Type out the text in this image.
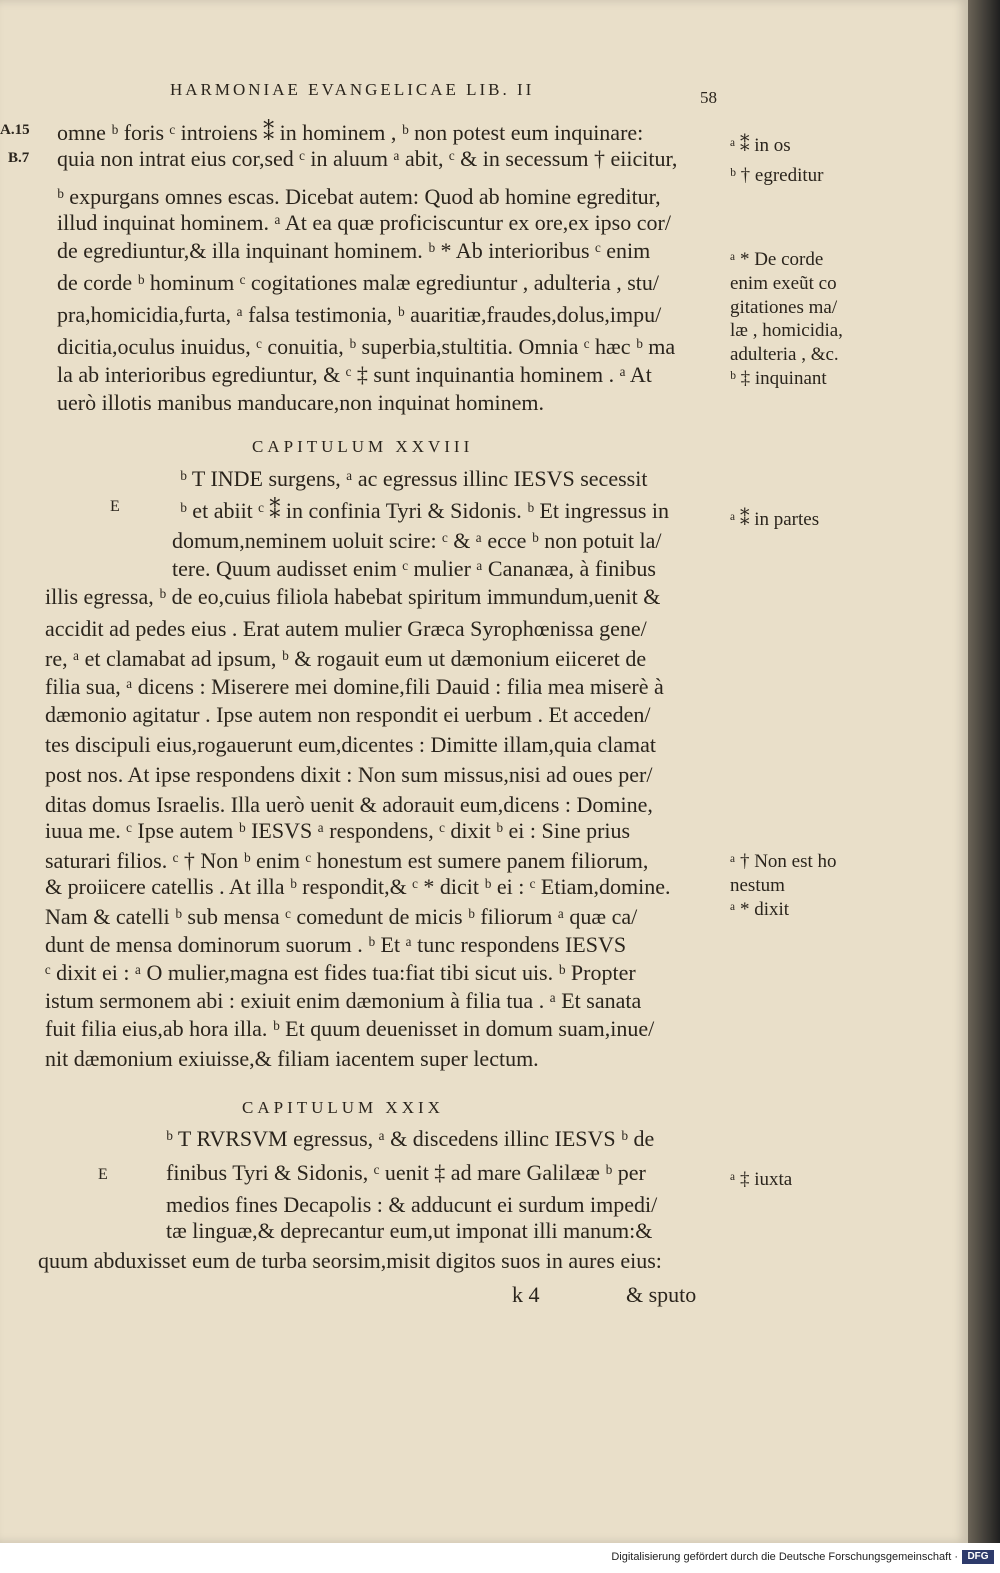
HARMONIAE EVANGELICAE LIB. II	58
A.15
B.7
omne ᵇ foris ᶜ introiens ⁑ in hominem , ᵇ non potest eum inquinare:
quia non intrat eius cor,sed ᶜ in aluum ᵃ abit, ᶜ & in secessum † eiicitur,
ᵇ expurgans omnes escas. Dicebat autem: Quod ab homine egreditur,
illud inquinat hominem. ᵃ At ea quæ proficiscuntur ex ore,ex ipso cor/
de egrediuntur,& illa inquinant hominem. ᵇ * Ab interioribus ᶜ enim
de corde ᵇ hominum ᶜ cogitationes malæ egrediuntur , adulteria , stu/
pra,homicidia,furta, ᵃ falsa testimonia, ᵇ auaritiæ,fraudes,dolus,impu/
dicitia,oculus inuidus, ᶜ conuitia, ᵇ superbia,stultitia. Omnia ᶜ hæc ᵇ ma
la ab interioribus egrediuntur, & ᶜ ‡ sunt inquinantia hominem . ᵃ At
uerò illotis manibus manducare,non inquinat hominem.
CAPITULUM XXVIII
E
ᵇ T INDE surgens, ᵃ ac egressus illinc IESVS secessit
ᵇ et abiit ᶜ ⁑ in confinia Tyri & Sidonis. ᵇ Et ingressus in
domum,neminem uoluit scire: ᶜ & ᵃ ecce ᵇ non potuit la/
tere. Quum audisset enim ᶜ mulier ᵃ Cananæa, à finibus
illis egressa, ᵇ de eo,cuius filiola habebat spiritum immundum,uenit &
accidit ad pedes eius . Erat autem mulier Græca Syrophœnissa gene/
re, ᵃ et clamabat ad ipsum, ᵇ & rogauit eum ut dæmonium eiiceret de
filia sua, ᵃ dicens : Miserere mei domine,fili Dauid : filia mea miserè à
dæmonio agitatur . Ipse autem non respondit ei uerbum . Et acceden/
tes discipuli eius,rogauerunt eum,dicentes : Dimitte illam,quia clamat
post nos. At ipse respondens dixit : Non sum missus,nisi ad oues per/
ditas domus Israelis. Illa uerò uenit & adorauit eum,dicens : Domine,
iuua me. ᶜ Ipse autem ᵇ IESVS ᵃ respondens, ᶜ dixit ᵇ ei : Sine prius
saturari filios. ᶜ † Non ᵇ enim ᶜ honestum est sumere panem filiorum,
& proiicere catellis . At illa ᵇ respondit,& ᶜ * dicit ᵇ ei : ᶜ Etiam,domine.
Nam & catelli ᵇ sub mensa ᶜ comedunt de micis ᵇ filiorum ᵃ quæ ca/
dunt de mensa dominorum suorum . ᵇ Et ᵃ tunc respondens IESVS
ᶜ dixit ei : ᵃ O mulier,magna est fides tua:fiat tibi sicut uis. ᵇ Propter
istum sermonem abi : exiuit enim dæmonium à filia tua . ᵃ Et sanata
fuit filia eius,ab hora illa. ᵇ Et quum deuenisset in domum suam,inue/
nit dæmonium exiuisse,& filiam iacentem super lectum.
CAPITULUM XXIX
E
ᵇ T RVRSVM egressus, ᵃ & discedens illinc IESVS ᵇ de
finibus Tyri & Sidonis, ᶜ uenit ‡ ad mare Galilææ ᵇ per
medios fines Decapolis : & adducunt ei surdum impedi/
tæ linguæ,& deprecantur eum,ut imponat illi manum:&
quum abduxisset eum de turba seorsim,misit digitos suos in aures eius:
k 4	& sputo
ᵃ ⁑ in os
ᵇ † egreditur
ᵃ * De corde
enim exeũt co
gitationes ma/
læ , homicidia,
adulteria , &c.
ᵇ ‡ inquinant
ᵃ ⁑ in partes
ᵃ † Non est ho
nestum
ᵃ * dixit
ᵃ ‡ iuxta
Digitalisierung gefördert durch die Deutsche Forschungsgemeinschaft · DFG
